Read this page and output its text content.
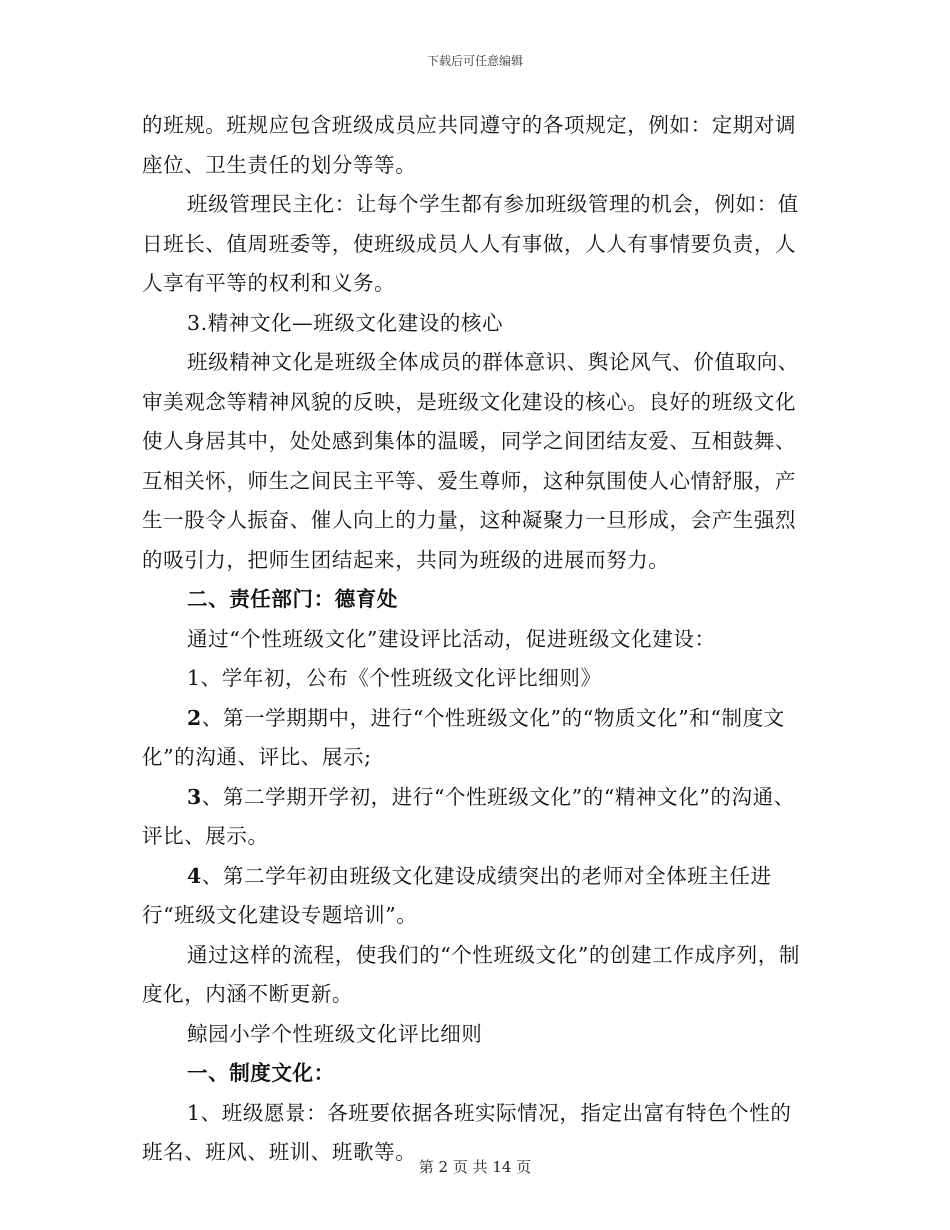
下载后可任意编辑

的班规。班规应包含班级成员应共同遵守的各项规定，例如：定期对调座位、卫生责任的划分等等。

班级管理民主化：让每个学生都有参加班级管理的机会，例如：值日班长、值周班委等，使班级成员人人有事做，人人有事情要负责，人人享有平等的权利和义务。

3.精神文化—班级文化建设的核心

班级精神文化是班级全体成员的群体意识、舆论风气、价值取向、审美观念等精神风貌的反映，是班级文化建设的核心。良好的班级文化使人身居其中，处处感到集体的温暖，同学之间团结友爱、互相鼓舞、互相关怀，师生之间民主平等、爱生尊师，这种氛围使人心情舒服，产生一股令人振奋、催人向上的力量，这种凝聚力一旦形成，会产生强烈的吸引力，把师生团结起来，共同为班级的进展而努力。

二、责任部门：德育处

通过“个性班级文化”建设评比活动，促进班级文化建设：

1、学年初，公布《个性班级文化评比细则》

2、第一学期期中，进行“个性班级文化”的“物质文化”和“制度文化”的沟通、评比、展示;

3、第二学期开学初，进行“个性班级文化”的“精神文化”的沟通、评比、展示。

4、第二学年初由班级文化建设成绩突出的老师对全体班主任进行“班级文化建设专题培训”。

通过这样的流程，使我们的“个性班级文化”的创建工作成序列，制度化，内涵不断更新。

鲸园小学个性班级文化评比细则

一、制度文化：

1、班级愿景：各班要依据各班实际情况，指定出富有特色个性的班名、班风、班训、班歌等。

第 2 页 共 14 页
